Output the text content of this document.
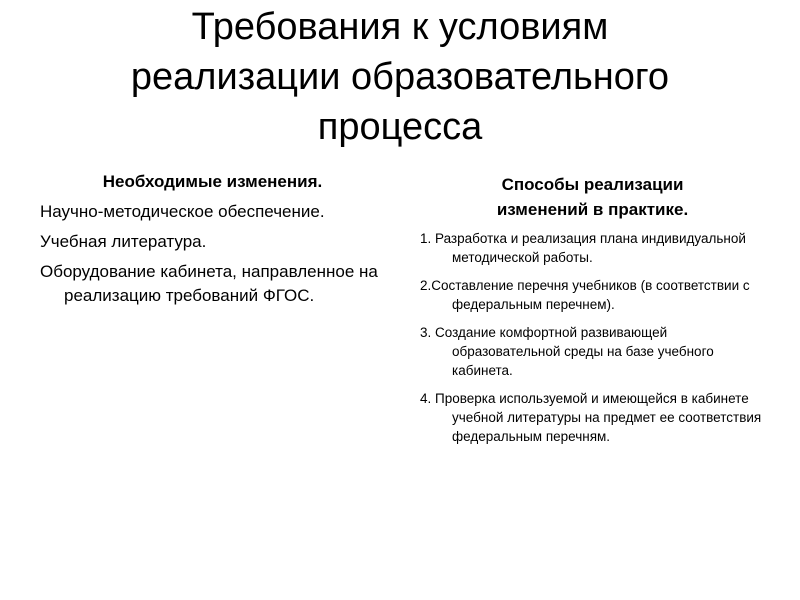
Требования к условиям
реализации образовательного
процесса
Необходимые изменения.
Научно-методическое обеспечение.
Учебная литература.
Оборудование кабинета, направленное на реализацию требований ФГОС.
Способы реализации
изменений в практике.
1. Разработка и реализация плана индивидуальной методической работы.
2.Составление перечня учебников (в соответствии с федеральным перечнем).
3. Создание комфортной развивающей образовательной среды на базе учебного кабинета.
4. Проверка используемой и имеющейся в кабинете учебной литературы на предмет ее соответствия федеральным перечням.
